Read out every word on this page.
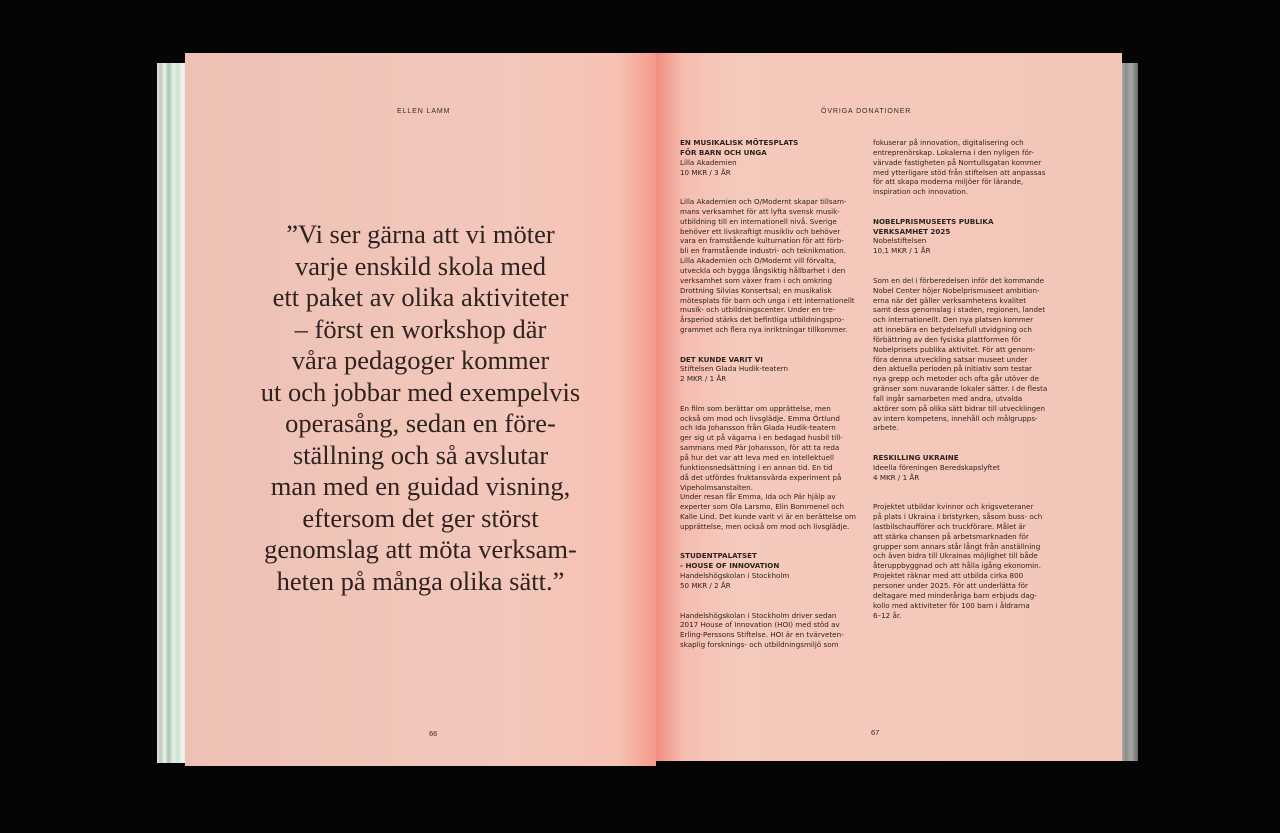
ELLEN LAMM
”Vi ser gärna att vi möter
varje enskild skola med
ett paket av olika aktiviteter
– först en workshop där
våra pedagoger kommer
ut och jobbar med exempelvis
operasång, sedan en före-
ställning och så avslutar
man med en guidad visning,
eftersom det ger störst
genomslag att möta verksam-
heten på många olika sätt.”
66
ÖVRIGA DONATIONER
EN MUSIKALISK MÖTESPLATS
FÖR BARN OCH UNGA
Lilla Akademien
10 MKR / 3 ÅR
Lilla Akademien och O/Modernt skapar tillsam-
mans verksamhet för att lyfta svensk musik-
utbildning till en internationell nivå. Sverige
behöver ett livskraftigt musikliv och behöver
vara en framstående kulturnation för att förb-
bli en framstående industri- och teknikmation.
Lilla Akademien och O/Modernt vill förvalta,
utveckla och bygga långsiktig hållbarhet i den
verksamhet som växer fram i och omkring
Drottning Silvias Konsertsal; en musikalisk
mötesplats för barn och unga i ett internationellt
musik- och utbildningscenter. Under en tre-
årsperiod stärks det befintliga utbildningspro-
grammet och flera nya inriktningar tillkommer.
DET KUNDE VARIT VI
Stiftelsen Glada Hudik-teatern
2 MKR / 1 ÅR
En film som berättar om upprättelse, men
också om mod och livsglädje. Emma Örtlund
och Ida Johansson från Glada Hudik-teatern
ger sig ut på vägarna i en bedagad husbil till-
sammans med Pär Johansson, för att ta reda
på hur det var att leva med en intellektuell
funktionsnedsättning i en annan tid. En tid
då det utfördes fruktansvärda experiment på
Vipeholmsanstalten.
Under resan får Emma, Ida och Pär hjälp av
experter som Ola Larsmo, Elin Bommenel och
Kalle Lind. Det kunde varit vi är en berättelse om
upprättelse, men också om mod och livsglädje.
STUDENTPALATSET
- HOUSE OF INNOVATION
Handelshögskolan i Stockholm
50 MKR / 2 ÅR
Handelshögskolan i Stockholm driver sedan
2017 House of Innovation (HOI) med stöd av
Erling-Perssons Stiftelse. HOI är en tvärveten-
skaplig forsknings- och utbildningsmiljö som
fokuserar på innovation, digitalisering och
entreprenörskap. Lokalerna i den nyligen för-
värvade fastigheten på Norrtullsgatan kommer
med ytterligare stöd från stiftelsen att anpassas
för att skapa moderna miljöer för lärande,
inspiration och innovation.
NOBELPRISMUSEETS PUBLIKA
VERKSAMHET 2025
Nobelstiftelsen
10,1 MKR / 1 ÅR
Som en del i förberedelsen inför det kommande
Nobel Center höjer Nobelprismuseet ambition-
erna när det gäller verksamhetens kvalitet
samt dess genomslag i staden, regionen, landet
och internationellt. Den nya platsen kommer
att innebära en betydelsefull utvidgning och
förbättring av den fysiska plattformen för
Nobelprisets publika aktivitet. För att genom-
föra denna utveckling satsar museet under
den aktuella perioden på initiativ som testar
nya grepp och metoder och ofta går utöver de
gränser som nuvarande lokaler sätter. I de flesta
fall ingår samarbeten med andra, utvalda
aktörer som på olika sätt bidrar till utvecklingen
av intern kompetens, innehåll och målgrupps-
arbete.
RESKILLING UKRAINE
Ideella föreningen Beredskapslyftet
4 MKR / 1 ÅR
Projektet utbildar kvinnor och krigsveteraner
på plats i Ukraina i bristyrken, såsom buss- och
lastbilschaufförer och truckförare. Målet är
att stärka chansen på arbetsmarknaden för
grupper som annars står långt från anställning
och även bidra till Ukrainas möjlighet till både
återuppbyggnad och att hålla igång ekonomin.
Projektet räknar med att utbilda cirka 800
personer under 2025. För att underlätta för
deltagare med minderåriga barn erbjuds dag-
kollo med aktiviteter för 100 barn i åldrarna
6–12 år.
67
